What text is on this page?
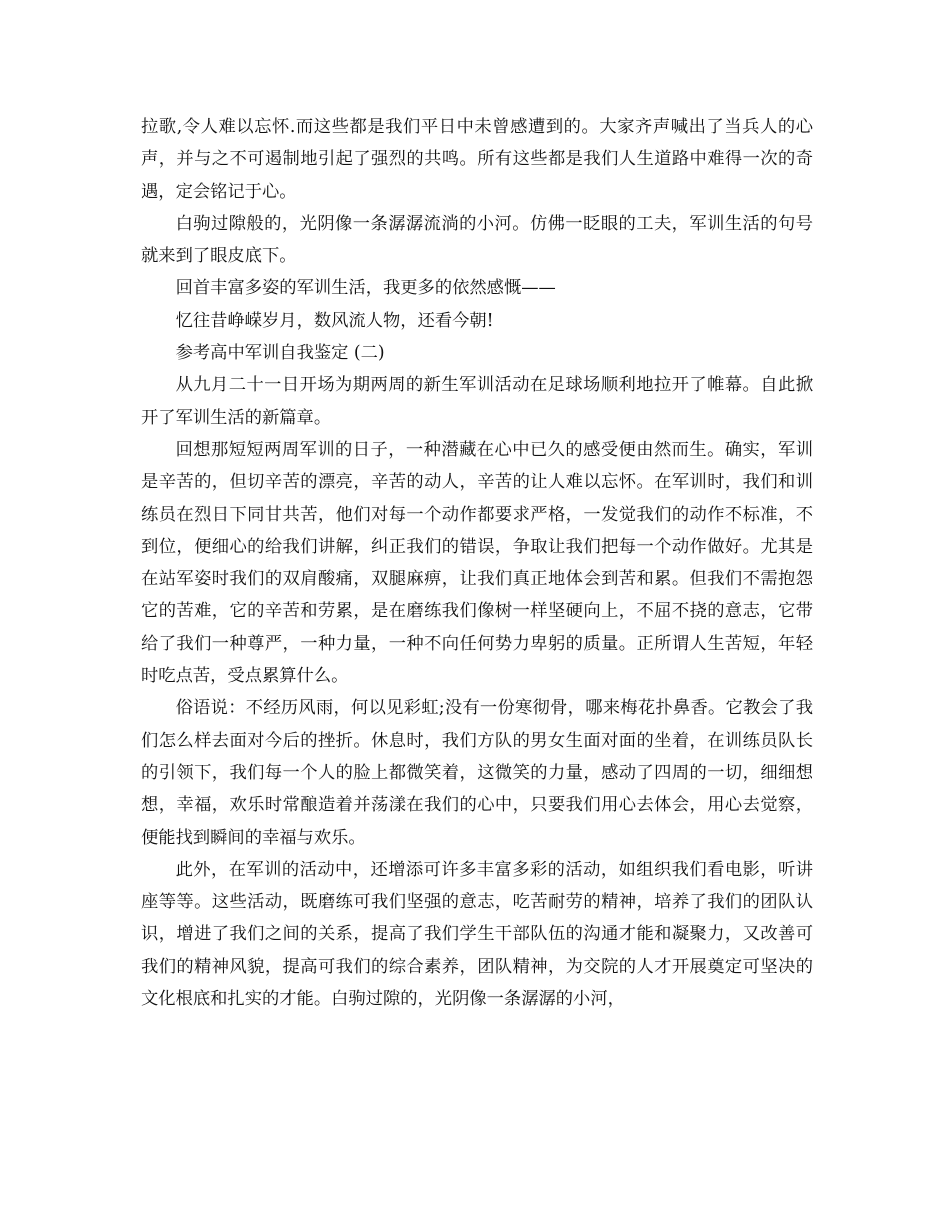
拉歌,令人难以忘怀.而这些都是我们平日中未曾感遭到的。大家齐声喊出了当兵人的心声，并与之不可遏制地引起了强烈的共鸣。所有这些都是我们人生道路中难得一次的奇遇，定会铭记于心。

白驹过隙般的，光阴像一条潺潺流淌的小河。仿佛一眨眼的工夫，军训生活的句号就来到了眼皮底下。

回首丰富多姿的军训生活，我更多的依然感慨——

忆往昔峥嵘岁月，数风流人物，还看今朝!

参考高中军训自我鉴定 (二)

从九月二十一日开场为期两周的新生军训活动在足球场顺利地拉开了帷幕。自此掀开了军训生活的新篇章。

回想那短短两周军训的日子，一种潜藏在心中已久的感受便由然而生。确实，军训是辛苦的，但切辛苦的漂亮，辛苦的动人，辛苦的让人难以忘怀。在军训时，我们和训练员在烈日下同甘共苦，他们对每一个动作都要求严格，一发觉我们的动作不标准，不到位，便细心的给我们讲解，纠正我们的错误，争取让我们把每一个动作做好。尤其是在站军姿时我们的双肩酸痛，双腿麻痹，让我们真正地体会到苦和累。但我们不需抱怨它的苦难，它的辛苦和劳累，是在磨练我们像树一样坚硬向上，不屈不挠的意志，它带给了我们一种尊严，一种力量，一种不向任何势力卑躬的质量。正所谓人生苦短，年轻时吃点苦，受点累算什么。

俗语说：不经历风雨，何以见彩虹;没有一份寒彻骨，哪来梅花扑鼻香。它教会了我们怎么样去面对今后的挫折。休息时，我们方队的男女生面对面的坐着，在训练员队长的引领下，我们每一个人的脸上都微笑着，这微笑的力量，感动了四周的一切，细细想想，幸福，欢乐时常酿造着并荡漾在我们的心中，只要我们用心去体会，用心去觉察，便能找到瞬间的幸福与欢乐。

此外，在军训的活动中，还增添可许多丰富多彩的活动，如组织我们看电影，听讲座等等。这些活动，既磨练可我们坚强的意志，吃苦耐劳的精神，培养了我们的团队认识，增进了我们之间的关系，提高了我们学生干部队伍的沟通才能和凝聚力，又改善可我们的精神风貌，提高可我们的综合素养，团队精神，为交院的人才开展奠定可坚决的文化根底和扎实的才能。白驹过隙的，光阴像一条潺潺的小河，
